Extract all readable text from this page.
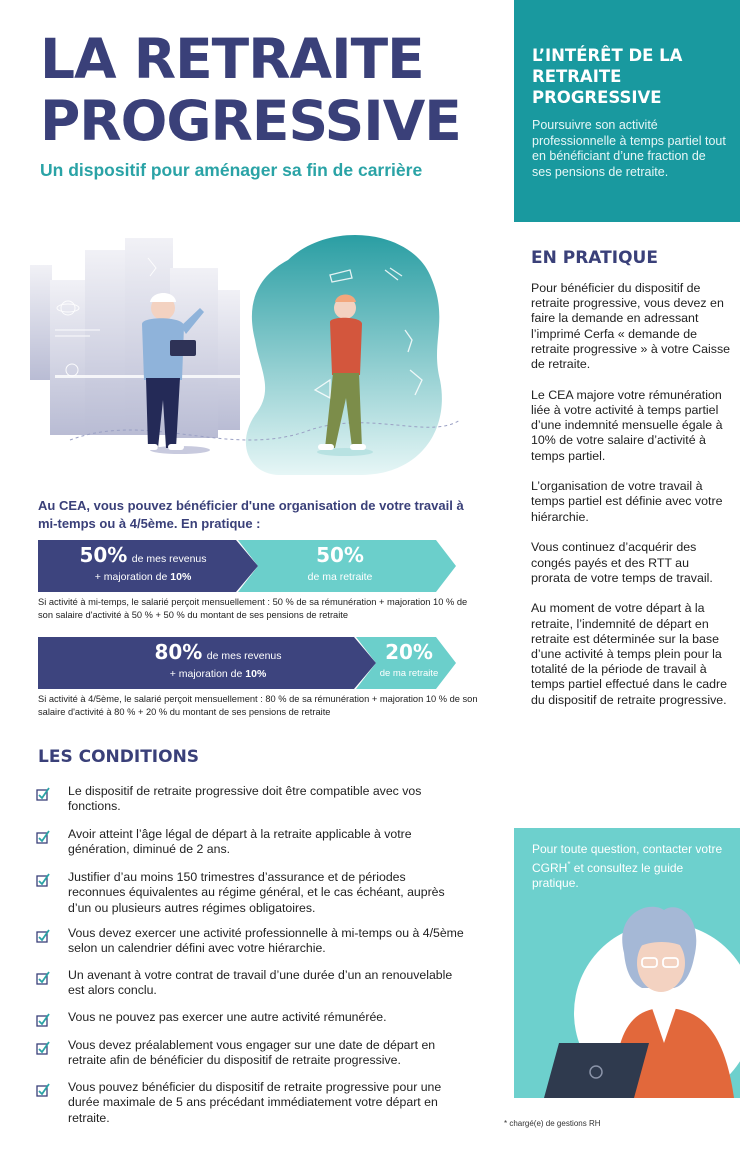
LA RETRAITE
PROGRESSIVE
Un dispositif pour aménager sa fin de carrière
L’INTÉRÊT DE LA RETRAITE PROGRESSIVE

Poursuivre son activité professionnelle à temps partiel tout en bénéficiant d’une fraction de ses pensions de retraite.

Au CEA, vous pouvez bénéficier d'une organisation de votre travail à mi-temps ou à 4/5ème. En pratique :
50% de mes revenus
+ majoration de 10%
50%
de ma retraite
Si activité à mi-temps, le salarié perçoit mensuellement : 50 % de sa rémunération + majoration 10 % de son salaire d'activité à 50 % + 50 % du montant de ses pensions de retraite
80% de mes revenus
+ majoration de 10%
20%
de ma retraite
Si activité à 4/5ème, le salarié perçoit mensuellement : 80 % de sa rémunération + majoration 10 % de son salaire d'activité à 80 % + 20 % du montant de ses pensions de retraite
LES CONDITIONS
Le dispositif de retraite progressive doit être compatible avec vos fonctions.
Avoir atteint l’âge légal de départ à la retraite applicable à votre génération, diminué de 2 ans.
Justifier d’au moins 150 trimestres d’assurance et de périodes reconnues équivalentes au régime général, et le cas échéant, auprès d’un ou plusieurs autres régimes obligatoires.
Vous devez exercer une activité professionnelle à mi-temps ou à 4/5ème selon un calendrier défini avec votre hiérarchie.
Un avenant à votre contrat de travail d’une durée d’un an renouvelable est alors conclu.
Vous ne pouvez pas exercer une autre activité rémunérée.
Vous devez préalablement vous engager sur une date de départ en retraite afin de bénéficier du dispositif de retraite progressive.
Vous pouvez bénéficier du dispositif de retraite progressive pour une durée maximale de 5 ans précédant immédiatement votre départ en retraite.
EN PRATIQUE

Pour bénéficier du dispositif de retraite progressive, vous devez en faire la demande en adressant l’imprimé Cerfa « demande de retraite progressive » à votre Caisse de retraite.

Le CEA majore votre rémunération liée à votre activité à temps partiel d’une indemnité mensuelle égale à 10% de votre salaire d’activité à temps partiel.

L’organisation de votre travail à temps partiel est définie avec votre hiérarchie.

Vous continuez d’acquérir des congés payés et des RTT au prorata de votre temps de travail.

Au moment de votre départ à la retraite, l’indemnité de départ en retraite est déterminée sur la base d’une activité à temps plein pour la totalité de la période de travail à temps partiel effectué dans le cadre du dispositif de retraite progressive.

Pour toute question, contacter votre CGRH* et consultez le guide pratique.

* chargé(e) de gestions RH
